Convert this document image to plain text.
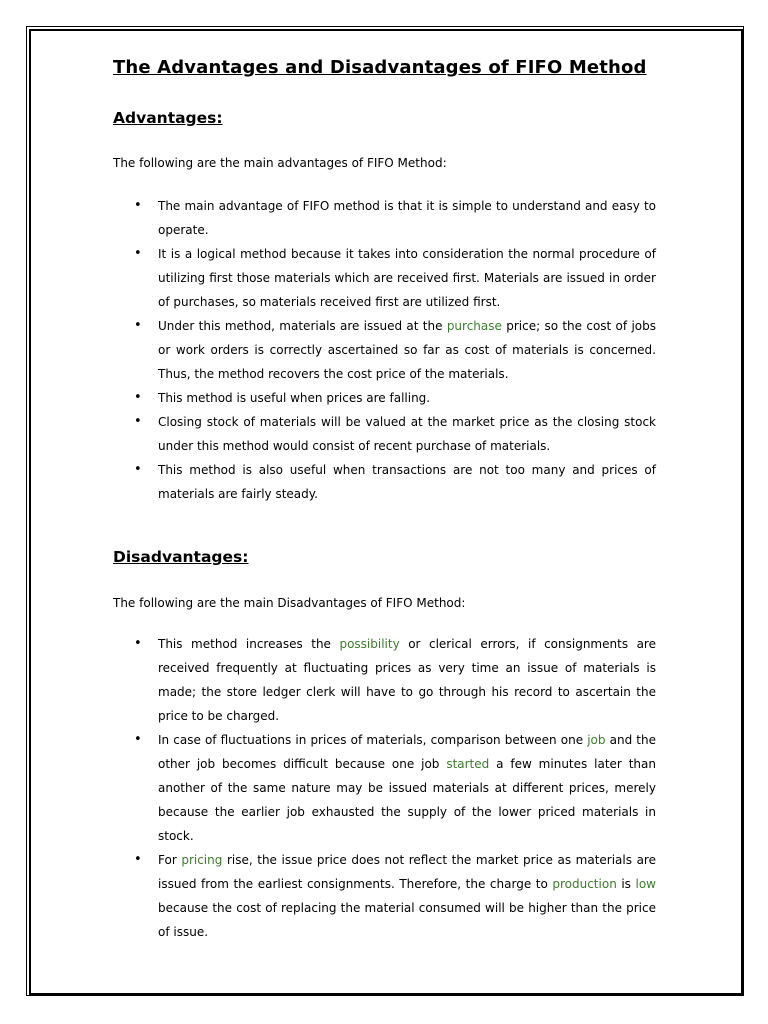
The Advantages and Disadvantages of FIFO Method
Advantages:

The following are the main advantages of FIFO Method:

• The main advantage of FIFO method is that it is simple to understand and easy to operate.
• It is a logical method because it takes into consideration the normal procedure of utilizing first those materials which are received first. Materials are issued in order of purchases, so materials received first are utilized first.
• Under this method, materials are issued at the purchase price; so the cost of jobs or work orders is correctly ascertained so far as cost of materials is concerned. Thus, the method recovers the cost price of the materials.
• This method is useful when prices are falling.
• Closing stock of materials will be valued at the market price as the closing stock under this method would consist of recent purchase of materials.
• This method is also useful when transactions are not too many and prices of materials are fairly steady.
Disadvantages:

The following are the main Disadvantages of FIFO Method:

• This method increases the possibility or clerical errors, if consignments are received frequently at fluctuating prices as very time an issue of materials is made; the store ledger clerk will have to go through his record to ascertain the price to be charged.
• In case of fluctuations in prices of materials, comparison between one job and the other job becomes difficult because one job started a few minutes later than another of the same nature may be issued materials at different prices, merely because the earlier job exhausted the supply of the lower priced materials in stock.
• For pricing rise, the issue price does not reflect the market price as materials are issued from the earliest consignments. Therefore, the charge to production is low because the cost of replacing the material consumed will be higher than the price of issue.
